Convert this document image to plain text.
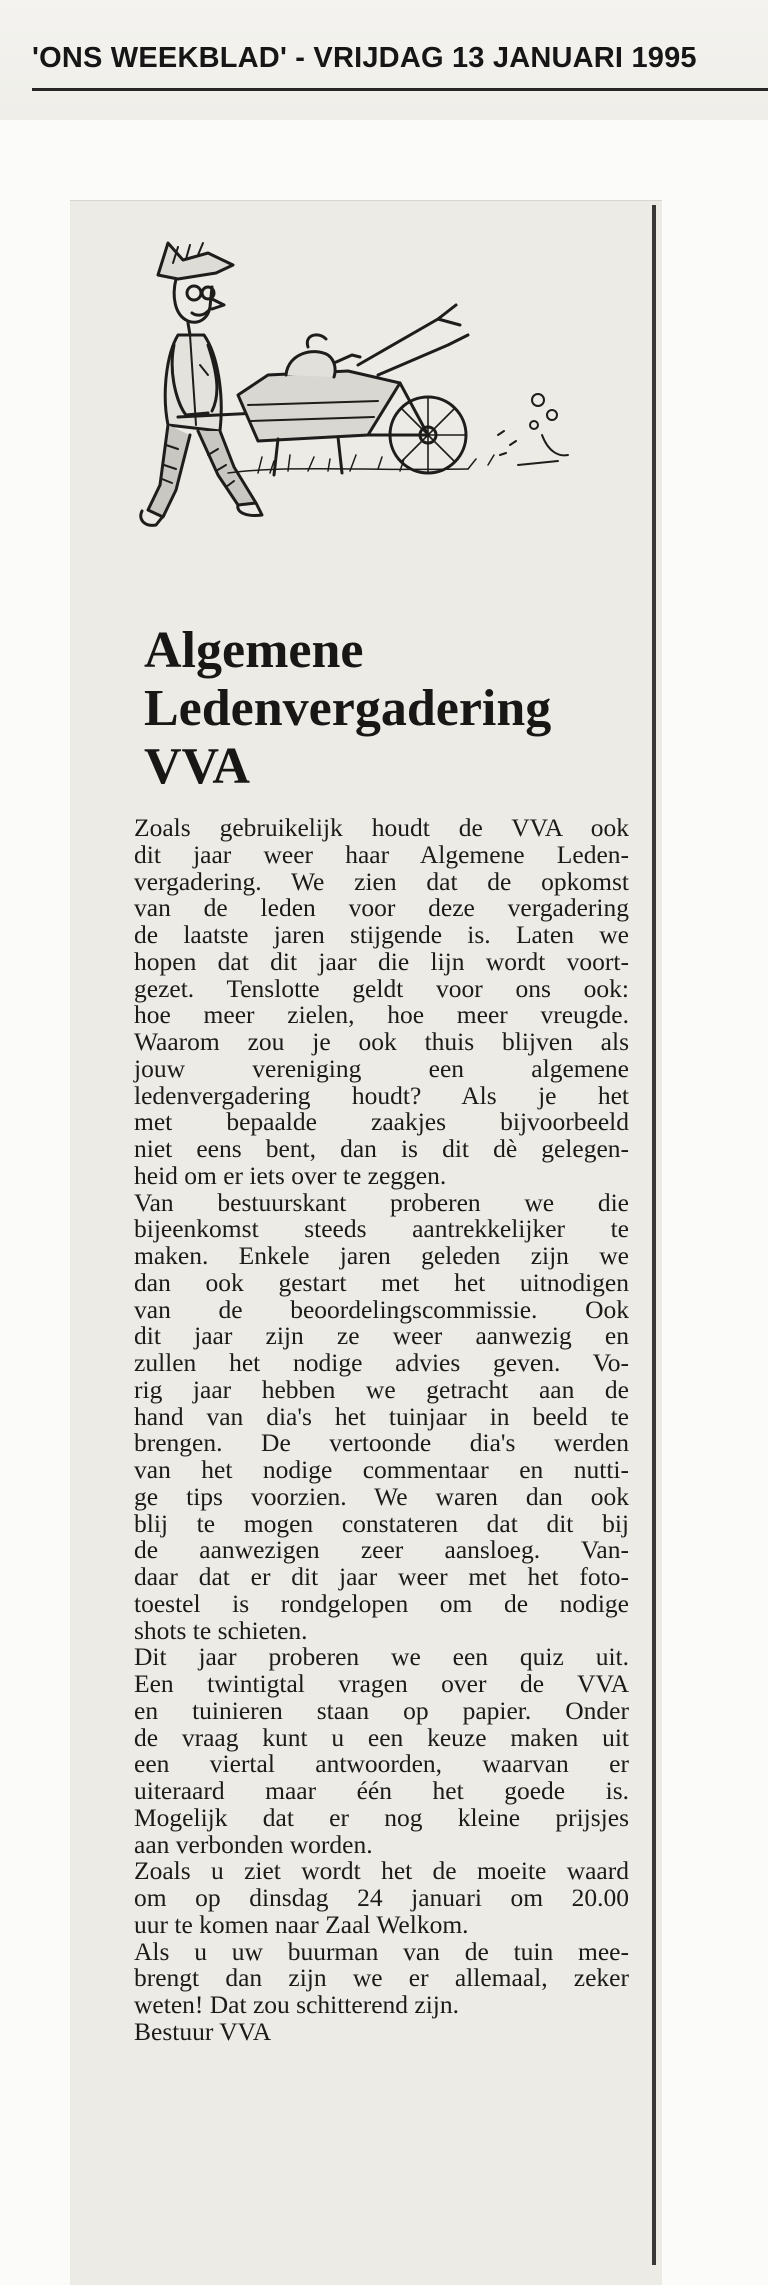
'ONS WEEKBLAD' - VRIJDAG 13 JANUARI 1995
Algemene
Ledenvergadering
VVA
Zoals gebruikelijk houdt de VVA ook
dit jaar weer haar Algemene Leden-
vergadering. We zien dat de opkomst
van de leden voor deze vergadering
de laatste jaren stijgende is. Laten we
hopen dat dit jaar die lijn wordt voort-
gezet. Tenslotte geldt voor ons ook:
hoe meer zielen, hoe meer vreugde.
Waarom zou je ook thuis blijven als
jouw vereniging een algemene
ledenvergadering houdt? Als je het
met bepaalde zaakjes bijvoorbeeld
niet eens bent, dan is dit dè gelegen-
heid om er iets over te zeggen.
Van bestuurskant proberen we die
bijeenkomst steeds aantrekkelijker te
maken. Enkele jaren geleden zijn we
dan ook gestart met het uitnodigen
van de beoordelingscommissie. Ook
dit jaar zijn ze weer aanwezig en
zullen het nodige advies geven. Vo-
rig jaar hebben we getracht aan de
hand van dia's het tuinjaar in beeld te
brengen. De vertoonde dia's werden
van het nodige commentaar en nutti-
ge tips voorzien. We waren dan ook
blij te mogen constateren dat dit bij
de aanwezigen zeer aansloeg. Van-
daar dat er dit jaar weer met het foto-
toestel is rondgelopen om de nodige
shots te schieten.
Dit jaar proberen we een quiz uit.
Een twintigtal vragen over de VVA
en tuinieren staan op papier. Onder
de vraag kunt u een keuze maken uit
een viertal antwoorden, waarvan er
uiteraard maar één het goede is.
Mogelijk dat er nog kleine prijsjes
aan verbonden worden.
Zoals u ziet wordt het de moeite waard
om op dinsdag 24 januari om 20.00
uur te komen naar Zaal Welkom.
Als u uw buurman van de tuin mee-
brengt dan zijn we er allemaal, zeker
weten! Dat zou schitterend zijn.
Bestuur VVA
